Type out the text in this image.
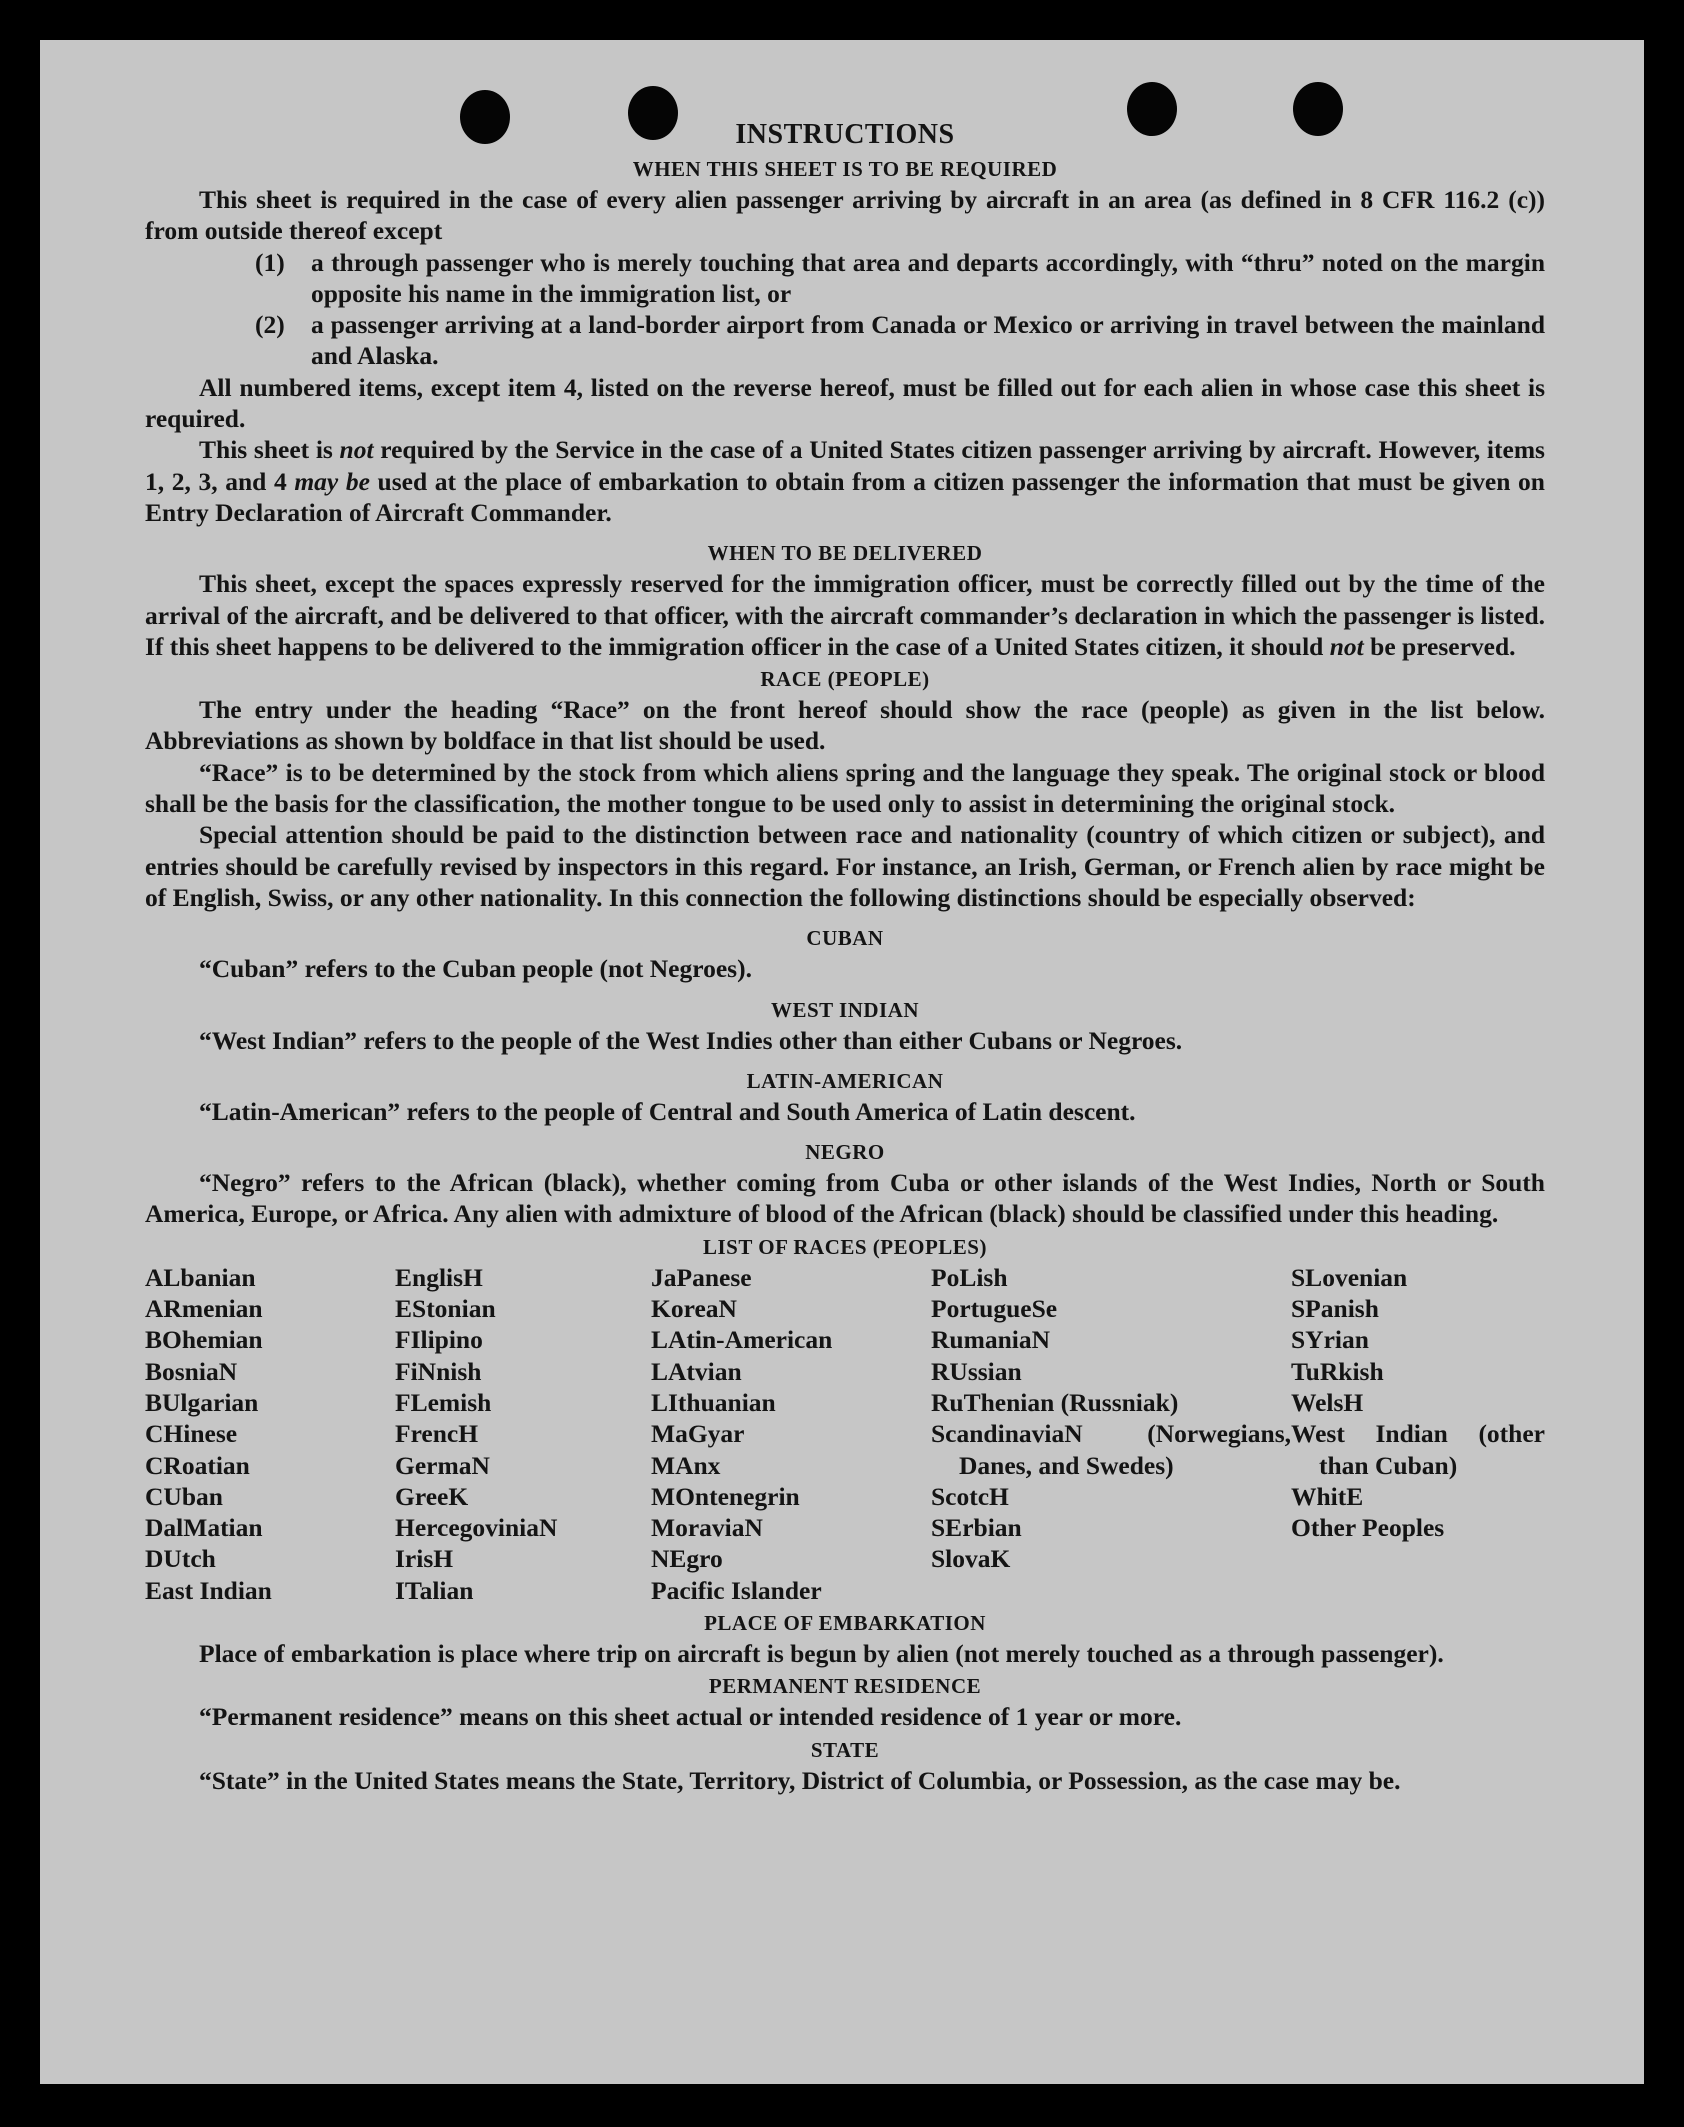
INSTRUCTIONS

WHEN THIS SHEET IS TO BE REQUIRED

This sheet is required in the case of every alien passenger arriving by aircraft in an area (as defined in 8 CFR 116.2 (c)) from outside thereof except

(1)	a through passenger who is merely touching that area and departs accordingly, with “thru” noted on the margin opposite his name in the immigration list, or
(2)	a passenger arriving at a land-border airport from Canada or Mexico or arriving in travel between the mainland and Alaska.

All numbered items, except item 4, listed on the reverse hereof, must be filled out for each alien in whose case this sheet is required.

This sheet is not required by the Service in the case of a United States citizen passenger arriving by aircraft. However, items 1, 2, 3, and 4 may be used at the place of embarkation to obtain from a citizen passenger the information that must be given on Entry Declaration of Aircraft Commander.

WHEN TO BE DELIVERED

This sheet, except the spaces expressly reserved for the immigration officer, must be correctly filled out by the time of the arrival of the aircraft, and be delivered to that officer, with the aircraft commander’s declaration in which the passenger is listed. If this sheet happens to be delivered to the immigration officer in the case of a United States citizen, it should not be preserved.

RACE (PEOPLE)

The entry under the heading “Race” on the front hereof should show the race (people) as given in the list below. Abbreviations as shown by boldface in that list should be used.

“Race” is to be determined by the stock from which aliens spring and the language they speak. The original stock or blood shall be the basis for the classification, the mother tongue to be used only to assist in determining the original stock.

Special attention should be paid to the distinction between race and nationality (country of which citizen or subject), and entries should be carefully revised by inspectors in this regard. For instance, an Irish, German, or French alien by race might be of English, Swiss, or any other nationality. In this connection the following distinctions should be especially observed:

CUBAN

“Cuban” refers to the Cuban people (not Negroes).

WEST INDIAN

“West Indian” refers to the people of the West Indies other than either Cubans or Negroes.

LATIN-AMERICAN

“Latin-American” refers to the people of Central and South America of Latin descent.

NEGRO

“Negro” refers to the African (black), whether coming from Cuba or other islands of the West Indies, North or South America, Europe, or Africa. Any alien with admixture of blood of the African (black) should be classified under this heading.

LIST OF RACES (PEOPLES)

ALbanian
ARmenian
BOhemian
BosniaN
BUlgarian
CHinese
CRoatian
CUban
DalMatian
DUtch
East Indian
EnglisH
EStonian
FIlipino
FiNnish
FLemish
FrencH
GermaN
GreeK
HercegoviniaN
IrisH
ITalian
JaPanese
KoreaN
LAtin-American
LAtvian
LIthuanian
MaGyar
MAnx
MOntenegrin
MoraviaN
NEgro
Pacific Islander
PoLish
PortugueSe
RumaniaN
RUssian
RuThenian (Russniak)
ScandinaviaN (Norwegians, Danes, and Swedes)
ScotcH
SErbian
SlovaK
SLovenian
SPanish
SYrian
TuRkish
WelsH
West Indian (other than Cuban)
WhitE
Other Peoples

PLACE OF EMBARKATION

Place of embarkation is place where trip on aircraft is begun by alien (not merely touched as a through passenger).

PERMANENT RESIDENCE

“Permanent residence” means on this sheet actual or intended residence of 1 year or more.

STATE

“State” in the United States means the State, Territory, District of Columbia, or Possession, as the case may be.
